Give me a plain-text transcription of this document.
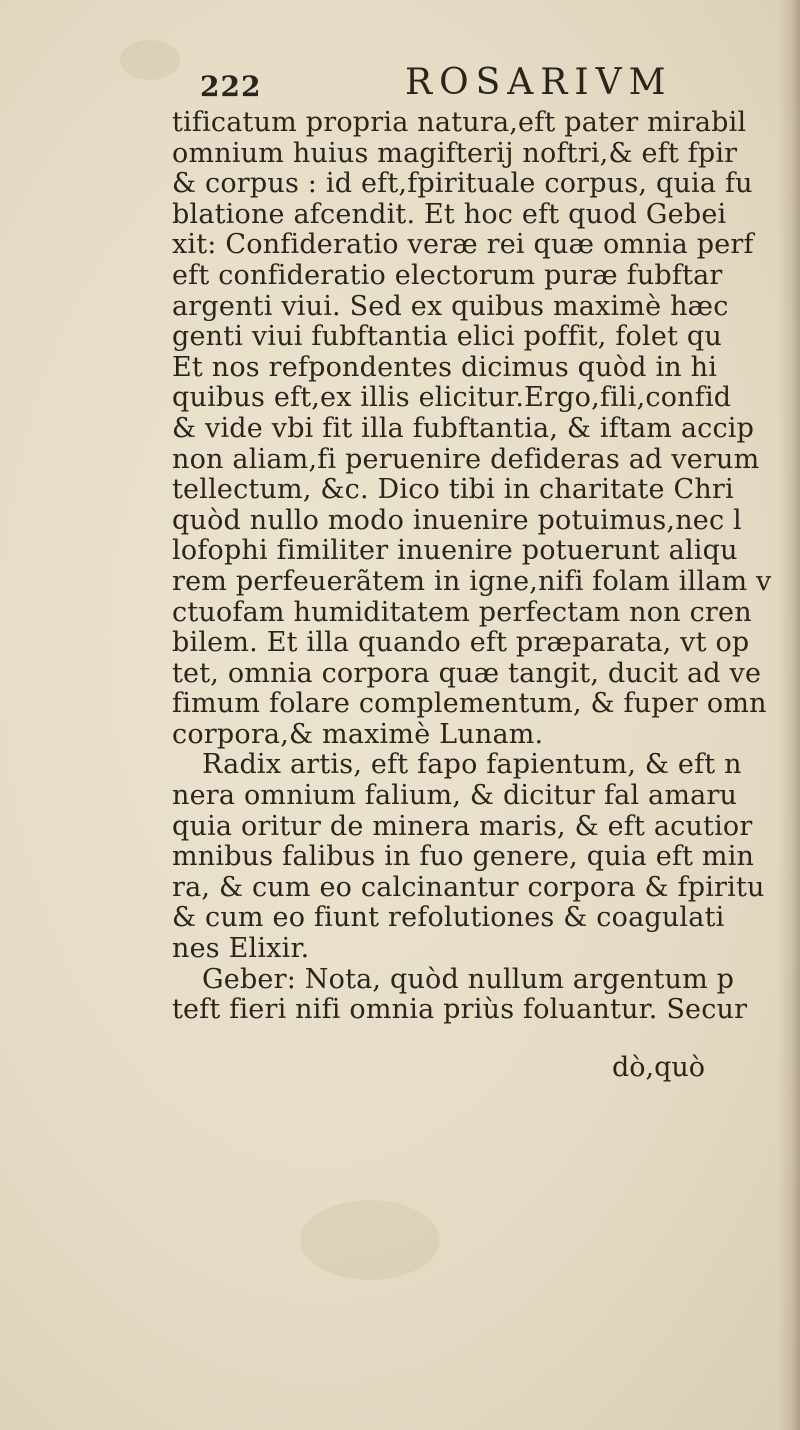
222	ROSARIVM
tificatum propria natura,eft pater mirabil
omnium huius magifterij noftri,& eft fpir
& corpus : id eft,fpirituale corpus, quia fu
blatione afcendit. Et hoc eft quod Gebei
xit: Confideratio veræ rei quæ omnia perf
eft confideratio electorum puræ fubftar
argenti viui. Sed ex quibus maximè hæc
genti viui fubftantia elici poffit, folet qu
Et nos refpondentes dicimus quòd in hi
quibus eft,ex illis elicitur.Ergo,fili,confid
& vide vbi fit illa fubftantia, & iftam accip
non aliam,fi peruenire defideras ad verum
tellectum, &c. Dico tibi in charitate Chri
quòd nullo modo inuenire potuimus,nec l
lofophi fimiliter inuenire potuerunt aliqu
rem perfeuerãtem in igne,nifi folam illam v
ctuofam humiditatem perfectam non cren
bilem. Et illa quando eft præparata, vt op
tet, omnia corpora quæ tangit, ducit ad ve
fimum folare complementum, & fuper omn
corpora,& maximè Lunam.
Radix artis, eft fapo fapientum, & eft n
nera omnium falium, & dicitur fal amaru
quia oritur de minera maris, & eft acutior
mnibus falibus in fuo genere, quia eft min
ra, & cum eo calcinantur corpora & fpiritu
& cum eo fiunt refolutiones & coagulati
nes Elixir.
Geber: Nota, quòd nullum argentum p
teft fieri nifi omnia priùs foluantur. Secur
dò,quò
